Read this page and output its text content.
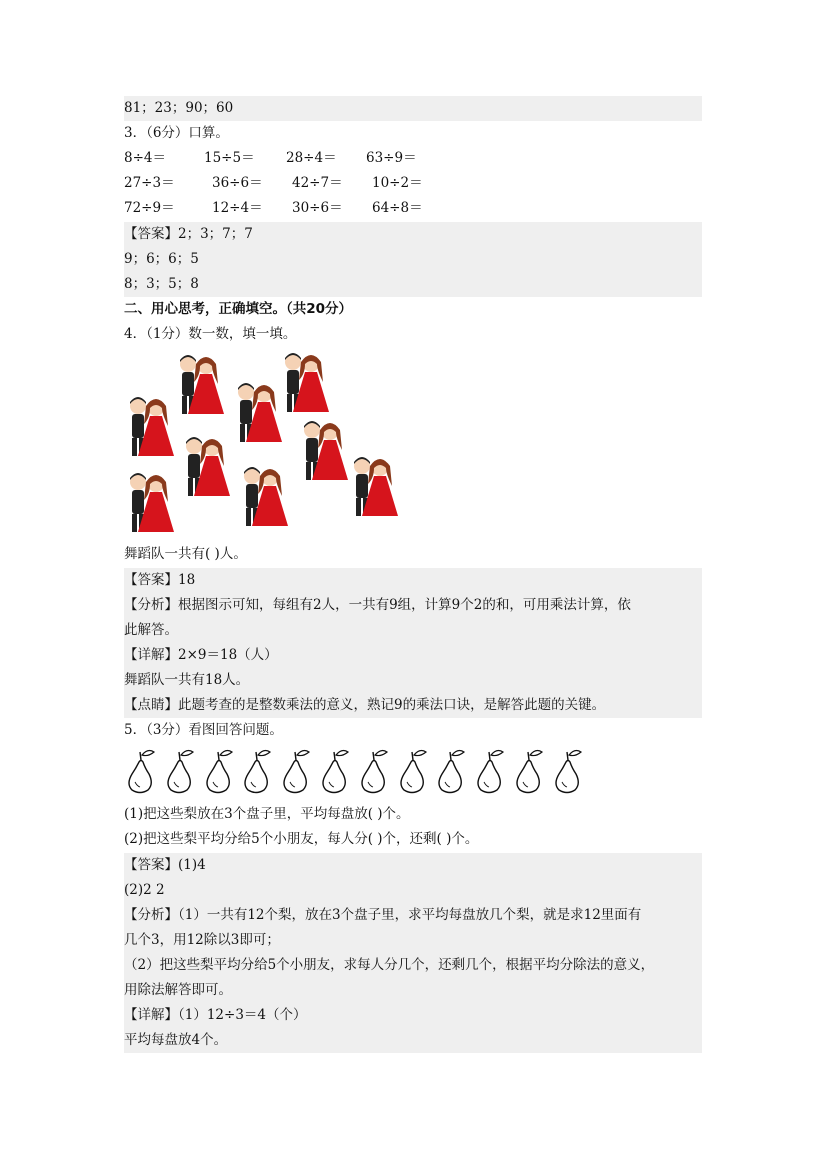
81；23；90；60
3．（6分）口算。
8÷4＝	15÷5＝ 28÷4＝ 63÷9＝
27÷3＝	36÷6＝ 42÷7＝ 10÷2＝
72÷9＝	12÷4＝ 30÷6＝ 64÷8＝
【答案】2；3；7；7
9；6；6；5
8；3；5；8
二、用心思考，正确填空。（共20分）
4．（1分）数一数，填一填。
舞蹈队一共有( )人。
【答案】18
【分析】根据图示可知，每组有2人，一共有9组，计算9个2的和，可用乘法计算，依
此解答。
【详解】2×9＝18（人）
舞蹈队一共有18人。
【点睛】此题考查的是整数乘法的意义，熟记9的乘法口诀，是解答此题的关键。
5．（3分）看图回答问题。
(1)把这些梨放在3个盘子里，平均每盘放( )个。
(2)把这些梨平均分给5个小朋友，每人分( )个，还剩( )个。
【答案】(1)4
(2)2 2
【分析】（1）一共有12个梨，放在3个盘子里，求平均每盘放几个梨，就是求12里面有
几个3，用12除以3即可；
（2）把这些梨平均分给5个小朋友，求每人分几个，还剩几个，根据平均分除法的意义，
用除法解答即可。
【详解】（1）12÷3＝4（个）
平均每盘放4个。
